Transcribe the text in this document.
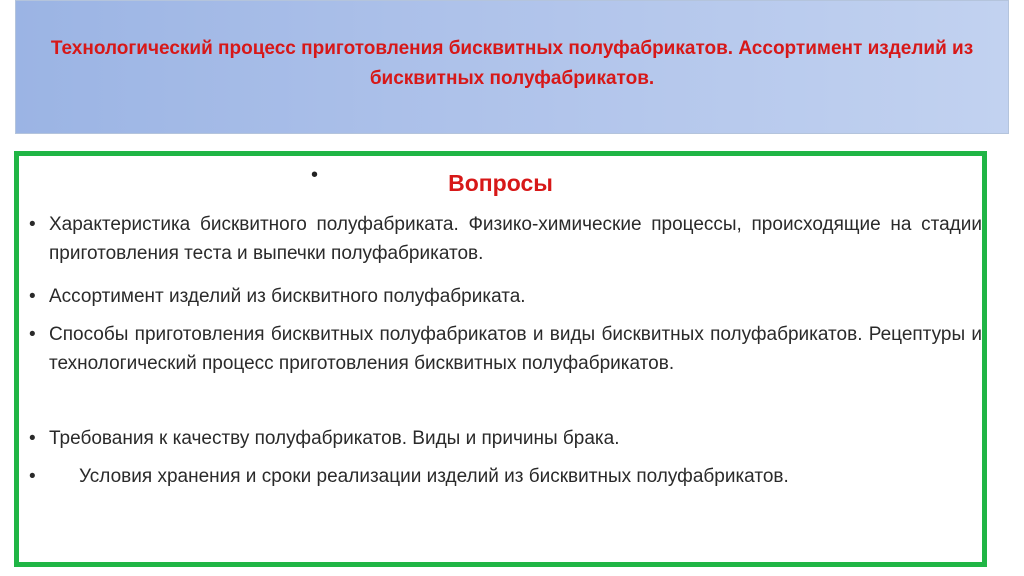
Технологический процесс приготовления бисквитных полуфабрикатов. Ассортимент изделий из бисквитных полуфабрикатов.
•	Вопросы
• Характеристика бисквитного полуфабриката. Физико-химические процессы, происходящие на стадии приготовления теста и выпечки полуфабрикатов.
• Ассортимент изделий из бисквитного полуфабриката.
• Способы приготовления бисквитных полуфабрикатов и виды бисквитных полуфабрикатов. Рецептуры и технологический процесс приготовления бисквитных полуфабрикатов.
• Требования к качеству полуфабрикатов. Виды и причины брака.
•	Условия хранения и сроки реализации изделий из бисквитных полуфабрикатов.
